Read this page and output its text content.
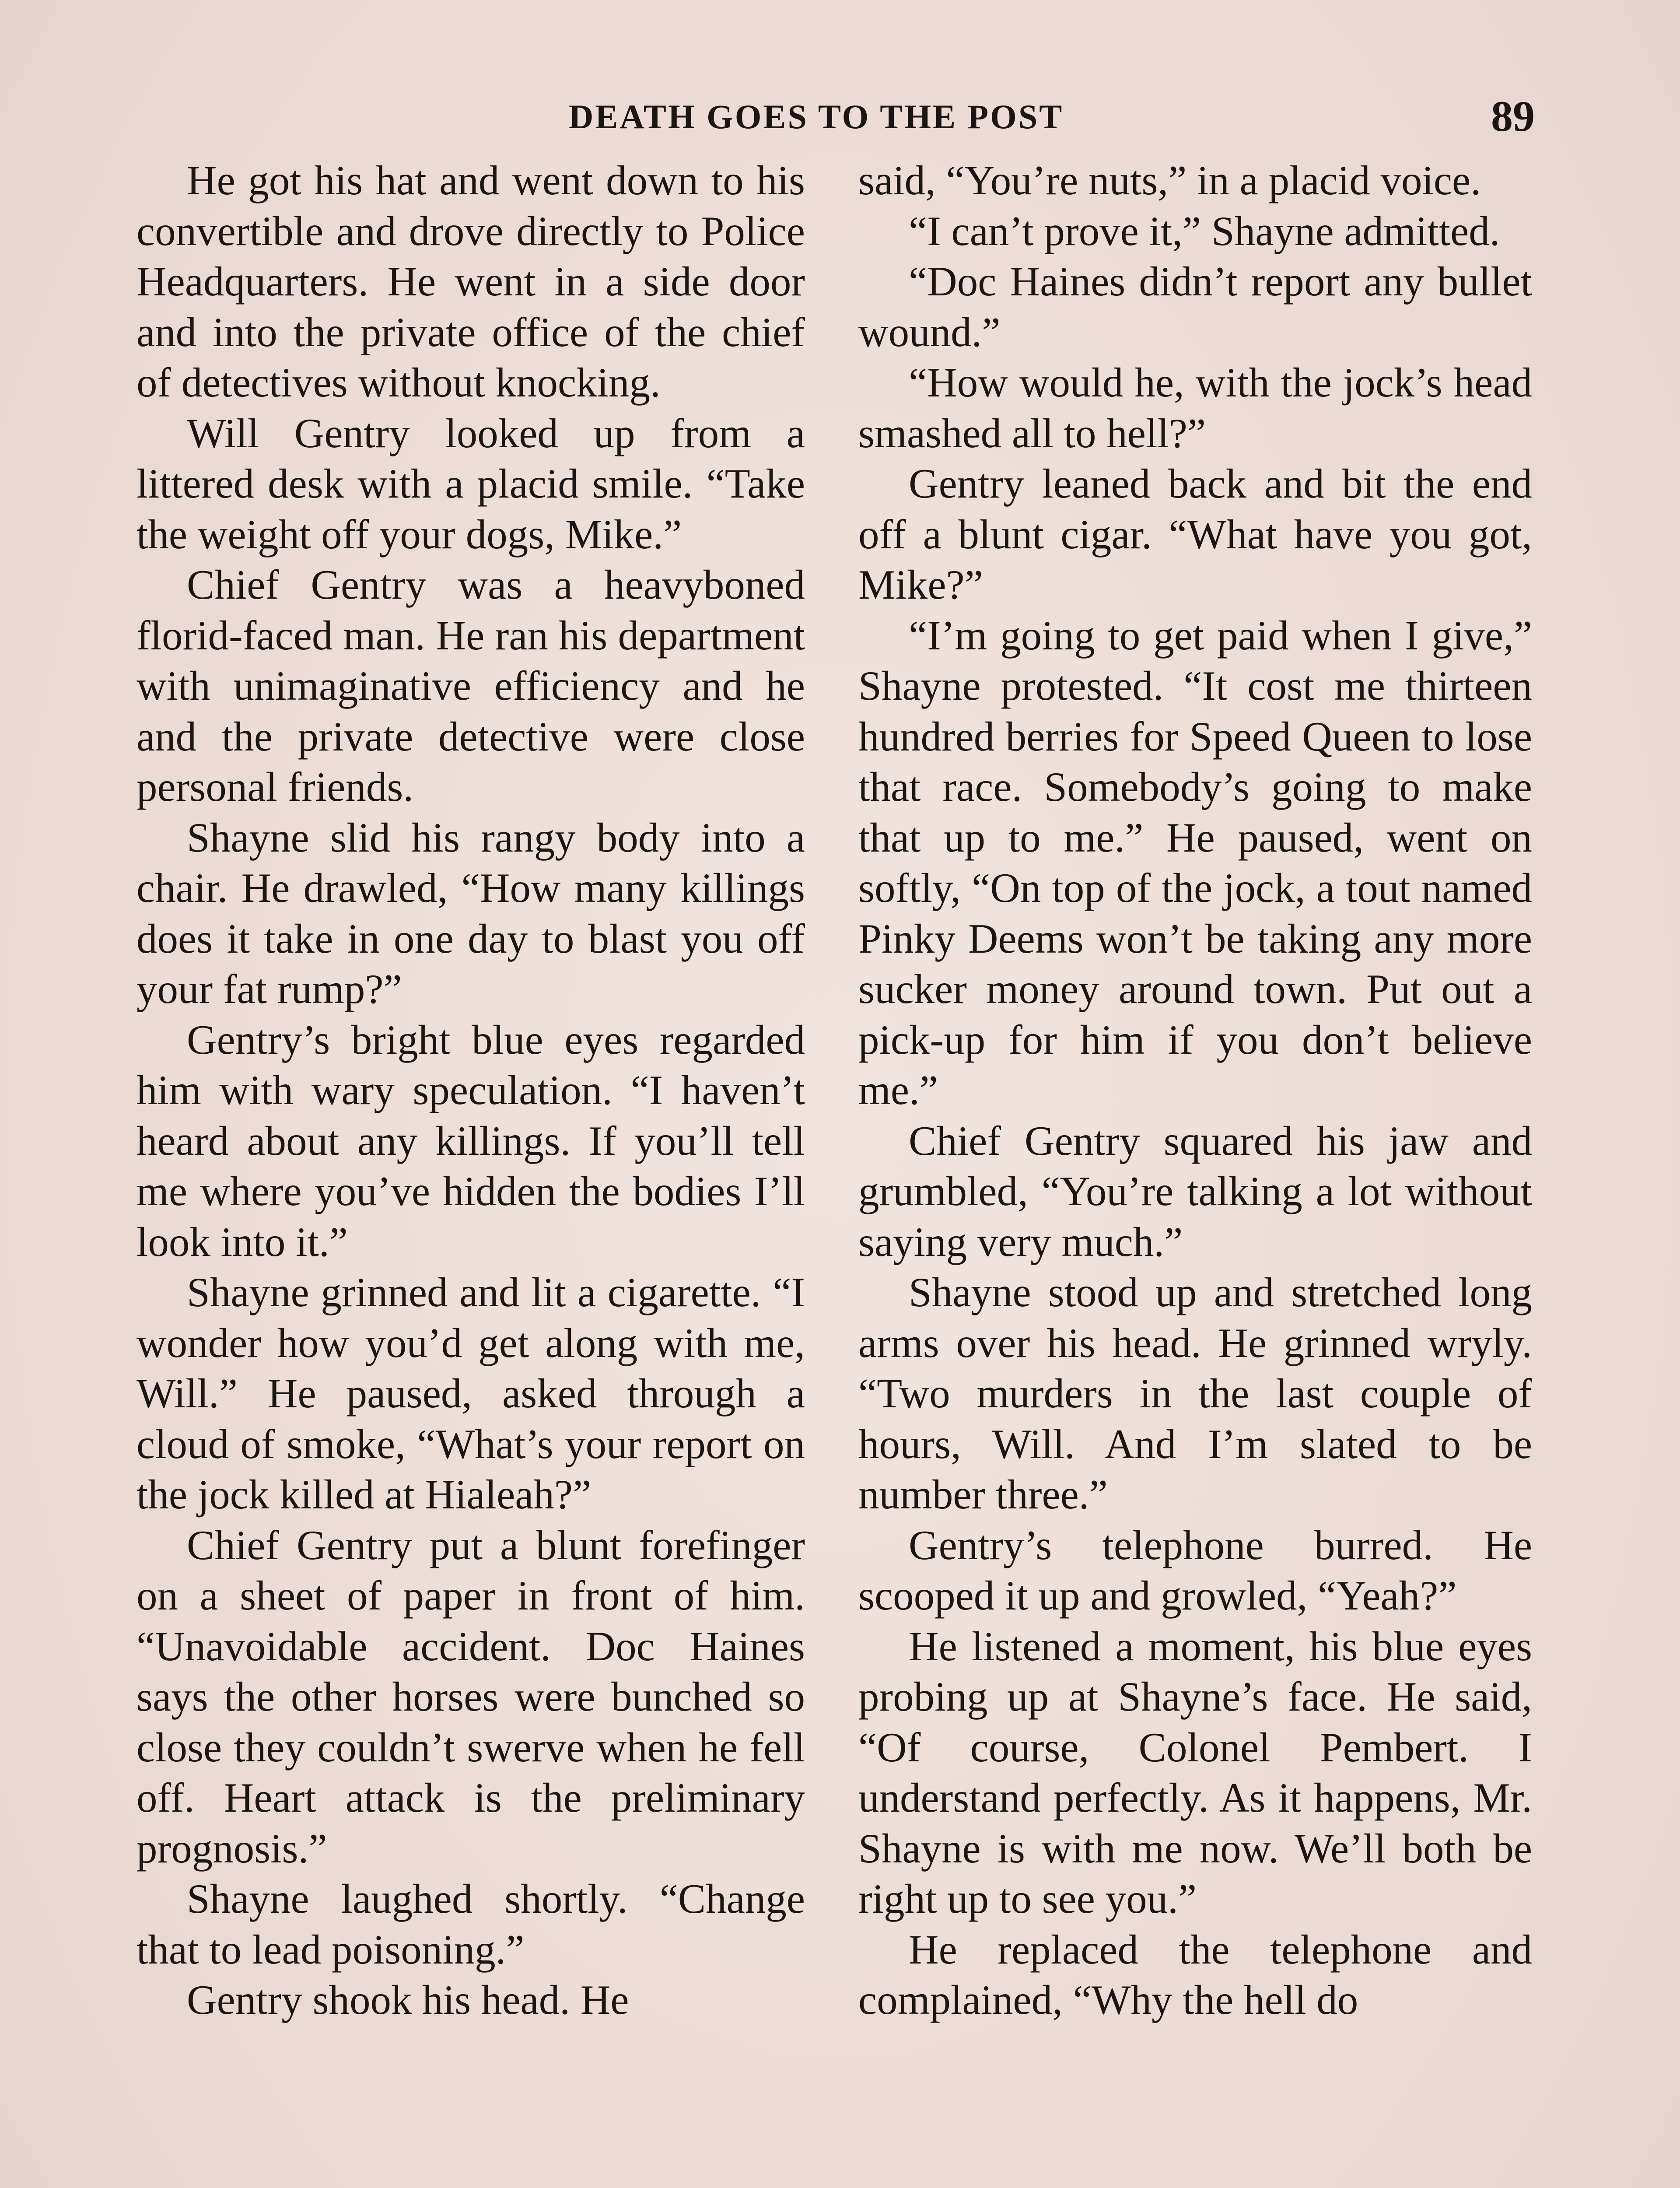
DEATH GOES TO THE POST	89

He got his hat and went down to his convertible and drove directly to Police Headquarters. He went in a side door and into the private office of the chief of detectives without knocking.

Will Gentry looked up from a littered desk with a placid smile. “Take the weight off your dogs, Mike.”

Chief Gentry was a heavyboned florid-faced man. He ran his department with unimaginative efficiency and he and the private detective were close personal friends.

Shayne slid his rangy body into a chair. He drawled, “How many killings does it take in one day to blast you off your fat rump?”

Gentry’s bright blue eyes regarded him with wary speculation. “I haven’t heard about any killings. If you’ll tell me where you’ve hidden the bodies I’ll look into it.”

Shayne grinned and lit a cigarette. “I wonder how you’d get along with me, Will.” He paused, asked through a cloud of smoke, “What’s your report on the jock killed at Hialeah?”

Chief Gentry put a blunt forefinger on a sheet of paper in front of him. “Unavoidable accident. Doc Haines says the other horses were bunched so close they couldn’t swerve when he fell off. Heart attack is the preliminary prognosis.”

Shayne laughed shortly. “Change that to lead poisoning.”

Gentry shook his head. He

said, “You’re nuts,” in a placid voice.

“I can’t prove it,” Shayne admitted.

“Doc Haines didn’t report any bullet wound.”

“How would he, with the jock’s head smashed all to hell?”

Gentry leaned back and bit the end off a blunt cigar. “What have you got, Mike?”

“I’m going to get paid when I give,” Shayne protested. “It cost me thirteen hundred berries for Speed Queen to lose that race. Somebody’s going to make that up to me.” He paused, went on softly, “On top of the jock, a tout named Pinky Deems won’t be taking any more sucker money around town. Put out a pick-up for him if you don’t believe me.”

Chief Gentry squared his jaw and grumbled, “You’re talking a lot without saying very much.”

Shayne stood up and stretched long arms over his head. He grinned wryly. “Two murders in the last couple of hours, Will. And I’m slated to be number three.”

Gentry’s telephone burred. He scooped it up and growled, “Yeah?”

He listened a moment, his blue eyes probing up at Shayne’s face. He said, “Of course, Colonel Pembert. I understand perfectly. As it happens, Mr. Shayne is with me now. We’ll both be right up to see you.”

He replaced the telephone and complained, “Why the hell do
